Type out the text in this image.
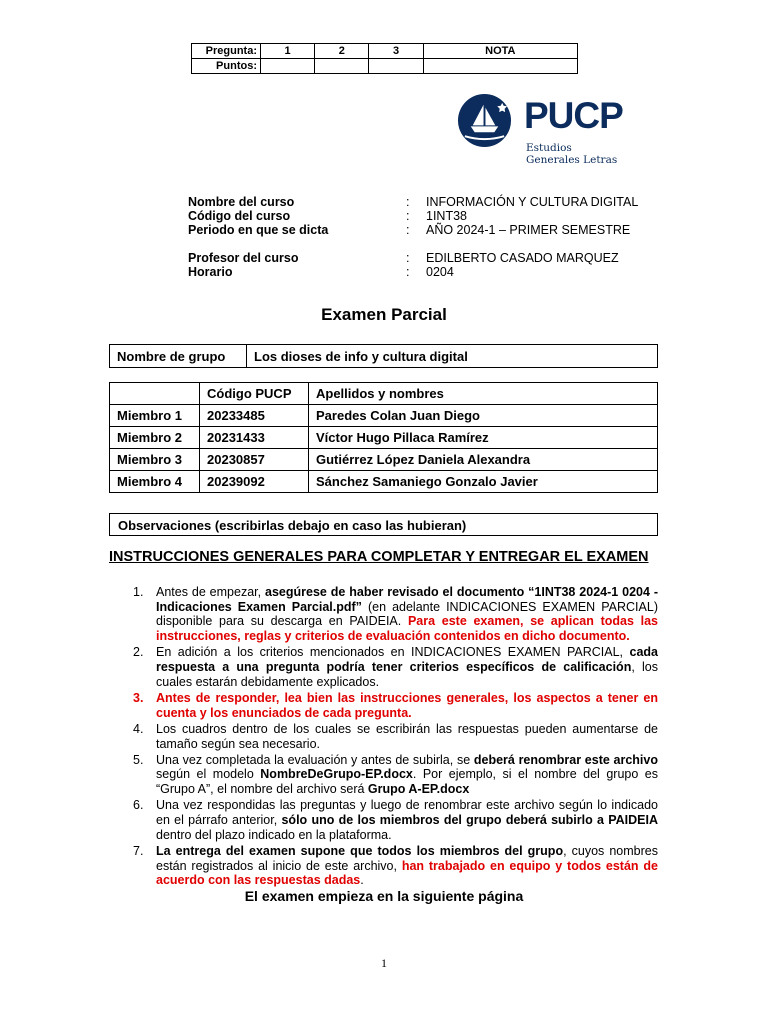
Pregunta:	1	2	3	NOTA
Puntos:				
PUCP
Estudios
Generales Letras
Nombre del curso	: INFORMACIÓN Y CULTURA DIGITAL
Código del curso	: 1INT38
Periodo en que se dicta	: AÑO 2024-1 – PRIMER SEMESTRE
Profesor del curso	: EDILBERTO CASADO MARQUEZ
Horario	: 0204
Examen Parcial
Nombre de grupo	Los dioses de info y cultura digital
	Código PUCP	Apellidos y nombres
Miembro 1	20233485	Paredes Colan Juan Diego
Miembro 2	20231433	Víctor Hugo Pillaca Ramírez
Miembro 3	20230857	Gutiérrez López Daniela Alexandra
Miembro 4	20239092	Sánchez Samaniego Gonzalo Javier
Observaciones (escribirlas debajo en caso las hubieran)
INSTRUCCIONES GENERALES PARA COMPLETAR Y ENTREGAR EL EXAMEN
1. Antes de empezar, asegúrese de haber revisado el documento “1INT38 2024-1 0204 - Indicaciones Examen Parcial.pdf” (en adelante INDICACIONES EXAMEN PARCIAL) disponible para su descarga en PAIDEIA. Para este examen, se aplican todas las instrucciones, reglas y criterios de evaluación contenidos en dicho documento.
2. En adición a los criterios mencionados en INDICACIONES EXAMEN PARCIAL, cada respuesta a una pregunta podría tener criterios específicos de calificación, los cuales estarán debidamente explicados.
3. Antes de responder, lea bien las instrucciones generales, los aspectos a tener en cuenta y los enunciados de cada pregunta.
4. Los cuadros dentro de los cuales se escribirán las respuestas pueden aumentarse de tamaño según sea necesario.
5. Una vez completada la evaluación y antes de subirla, se deberá renombrar este archivo según el modelo NombreDeGrupo-EP.docx. Por ejemplo, si el nombre del grupo es “Grupo A”, el nombre del archivo será Grupo A-EP.docx
6. Una vez respondidas las preguntas y luego de renombrar este archivo según lo indicado en el párrafo anterior, sólo uno de los miembros del grupo deberá subirlo a PAIDEIA dentro del plazo indicado en la plataforma.
7. La entrega del examen supone que todos los miembros del grupo, cuyos nombres están registrados al inicio de este archivo, han trabajado en equipo y todos están de acuerdo con las respuestas dadas.
El examen empieza en la siguiente página
1
